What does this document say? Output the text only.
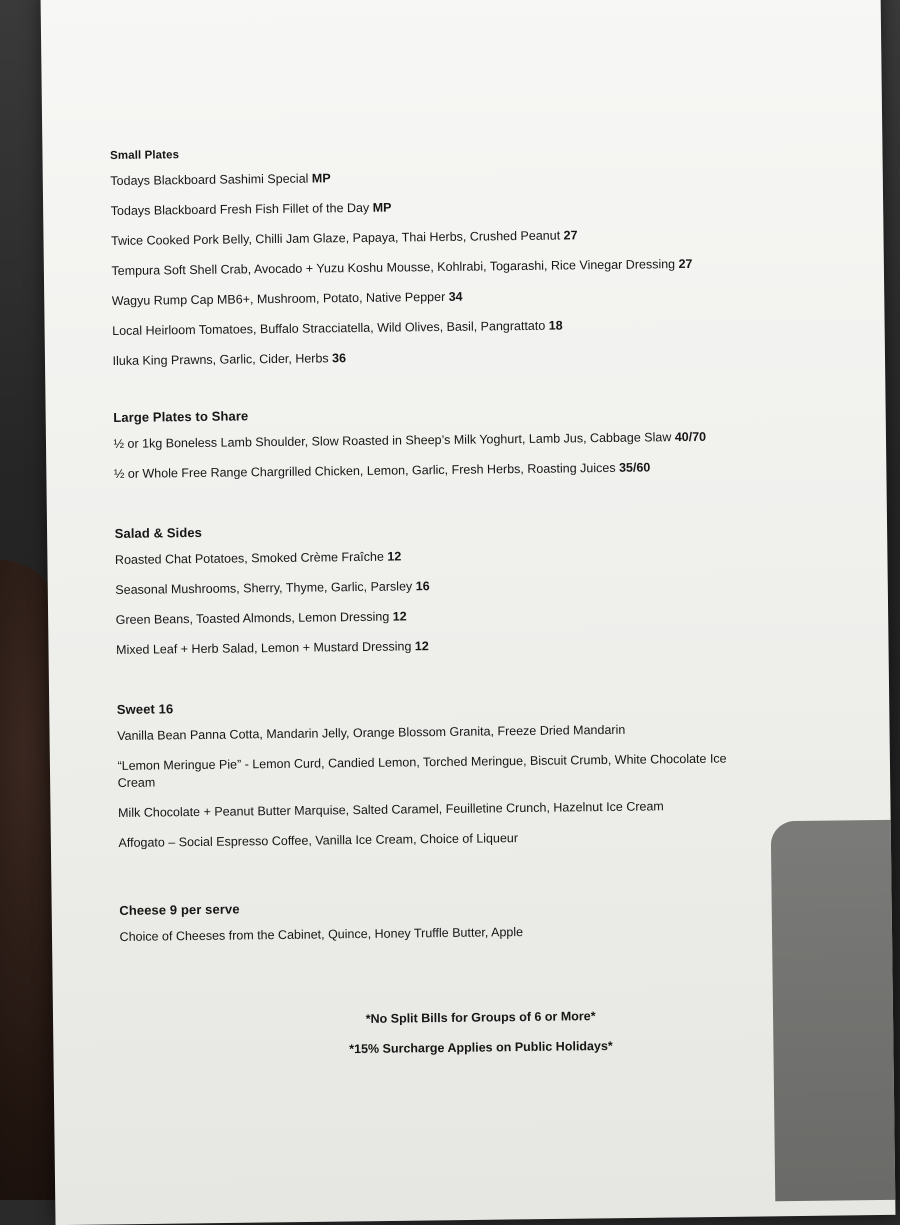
Small Plates
Todays Blackboard Sashimi Special MP
Todays Blackboard Fresh Fish Fillet of the Day MP
Twice Cooked Pork Belly, Chilli Jam Glaze, Papaya, Thai Herbs, Crushed Peanut 27
Tempura Soft Shell Crab, Avocado + Yuzu Koshu Mousse, Kohlrabi, Togarashi, Rice Vinegar Dressing 27
Wagyu Rump Cap MB6+, Mushroom, Potato, Native Pepper 34
Local Heirloom Tomatoes, Buffalo Stracciatella, Wild Olives, Basil, Pangrattato 18
Iluka King Prawns, Garlic, Cider, Herbs 36
Large Plates to Share
½ or 1kg Boneless Lamb Shoulder, Slow Roasted in Sheep’s Milk Yoghurt, Lamb Jus, Cabbage Slaw 40/70
½ or Whole Free Range Chargrilled Chicken, Lemon, Garlic, Fresh Herbs, Roasting Juices 35/60
Salad & Sides
Roasted Chat Potatoes, Smoked Crème Fraîche 12
Seasonal Mushrooms, Sherry, Thyme, Garlic, Parsley 16
Green Beans, Toasted Almonds, Lemon Dressing 12
Mixed Leaf + Herb Salad, Lemon + Mustard Dressing 12
Sweet 16
Vanilla Bean Panna Cotta, Mandarin Jelly, Orange Blossom Granita, Freeze Dried Mandarin
“Lemon Meringue Pie” - Lemon Curd, Candied Lemon, Torched Meringue, Biscuit Crumb, White Chocolate Ice Cream
Milk Chocolate + Peanut Butter Marquise, Salted Caramel, Feuilletine Crunch, Hazelnut Ice Cream
Affogato – Social Espresso Coffee, Vanilla Ice Cream, Choice of Liqueur
Cheese 9 per serve
Choice of Cheeses from the Cabinet, Quince, Honey Truffle Butter, Apple
*No Split Bills for Groups of 6 or More*
*15% Surcharge Applies on Public Holidays*
